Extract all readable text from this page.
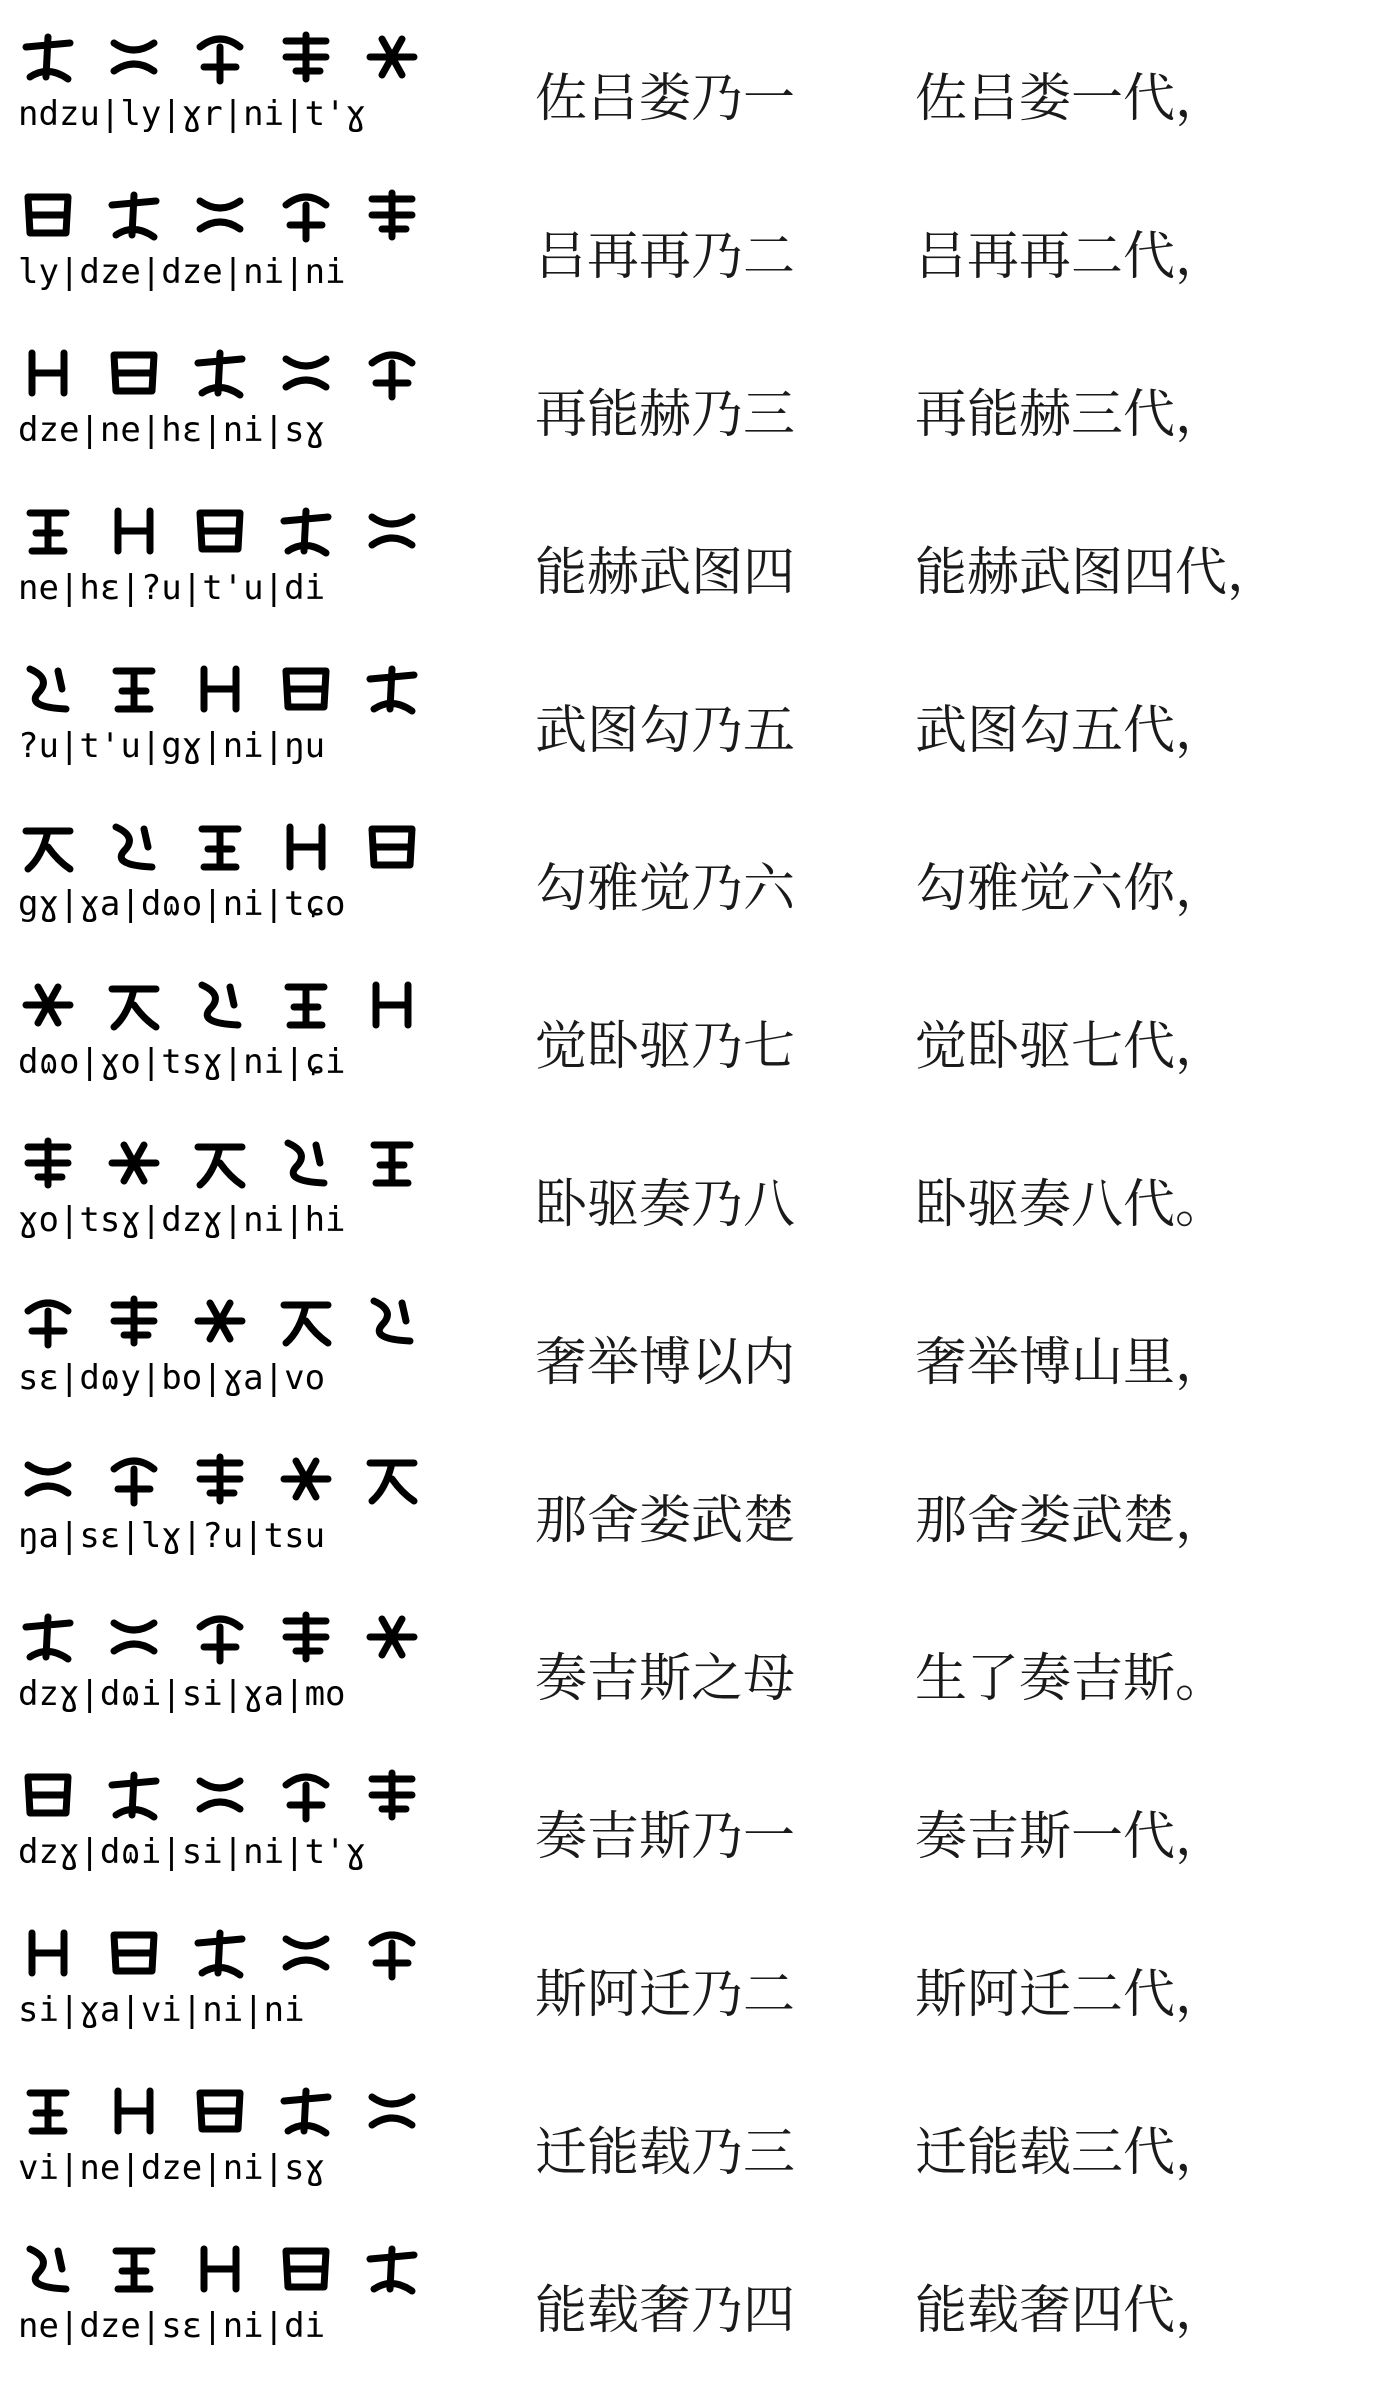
ndzu|ly|ɣr|ni|t'ɣ	佐吕娄乃一 佐吕娄一代，
ly|dze|dze|ni|ni	吕再再乃二 吕再再二代，
dze|ne|hɛ|ni|sɣ	再能赫乃三 再能赫三代，
ne|hɛ|?u|t'u|di	能赫武图四 能赫武图四代，
?u|t'u|gɣ|ni|ŋu	武图勾乃五 武图勾五代，
gɣ|ɣa|dɷo|ni|tɕo	勾雅觉乃六 勾雅觉六你，
dɷo|ɣo|tsɣ|ni|ɕi	觉卧驱乃七 觉卧驱七代，
ɣo|tsɣ|dzɣ|ni|hi	卧驱奏乃八 卧驱奏八代。
sɛ|dɷy|bo|ɣa|vo	奢举博以内 奢举博山里，
ŋa|sɛ|lɣ|?u|tsu	那舍娄武楚 那舍娄武楚，
dzɣ|dɷi|si|ɣa|mo	奏吉斯之母 生了奏吉斯。
dzɣ|dɷi|si|ni|t'ɣ	奏吉斯乃一 奏吉斯一代，
si|ɣa|vi|ni|ni	斯阿迁乃二 斯阿迁二代，
vi|ne|dze|ni|sɣ	迁能载乃三 迁能载三代，
ne|dze|sɛ|ni|di	能载奢乃四 能载奢四代，
